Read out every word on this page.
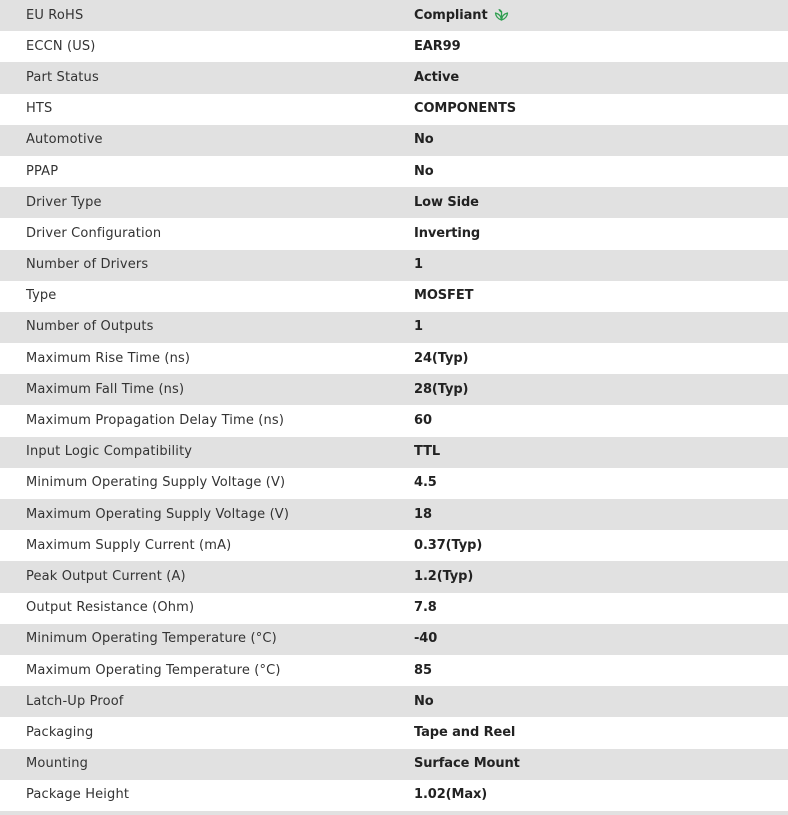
EU RoHS	Compliant
ECCN (US)	EAR99
Part Status	Active
HTS	COMPONENTS
Automotive	No
PPAP	No
Driver Type	Low Side
Driver Configuration	Inverting
Number of Drivers	1
Type	MOSFET
Number of Outputs	1
Maximum Rise Time (ns)	24(Typ)
Maximum Fall Time (ns)	28(Typ)
Maximum Propagation Delay Time (ns)	60
Input Logic Compatibility	TTL
Minimum Operating Supply Voltage (V)	4.5
Maximum Operating Supply Voltage (V)	18
Maximum Supply Current (mA)	0.37(Typ)
Peak Output Current (A)	1.2(Typ)
Output Resistance (Ohm)	7.8
Minimum Operating Temperature (°C)	-40
Maximum Operating Temperature (°C)	85
Latch-Up Proof	No
Packaging	Tape and Reel
Mounting	Surface Mount
Package Height	1.02(Max)
